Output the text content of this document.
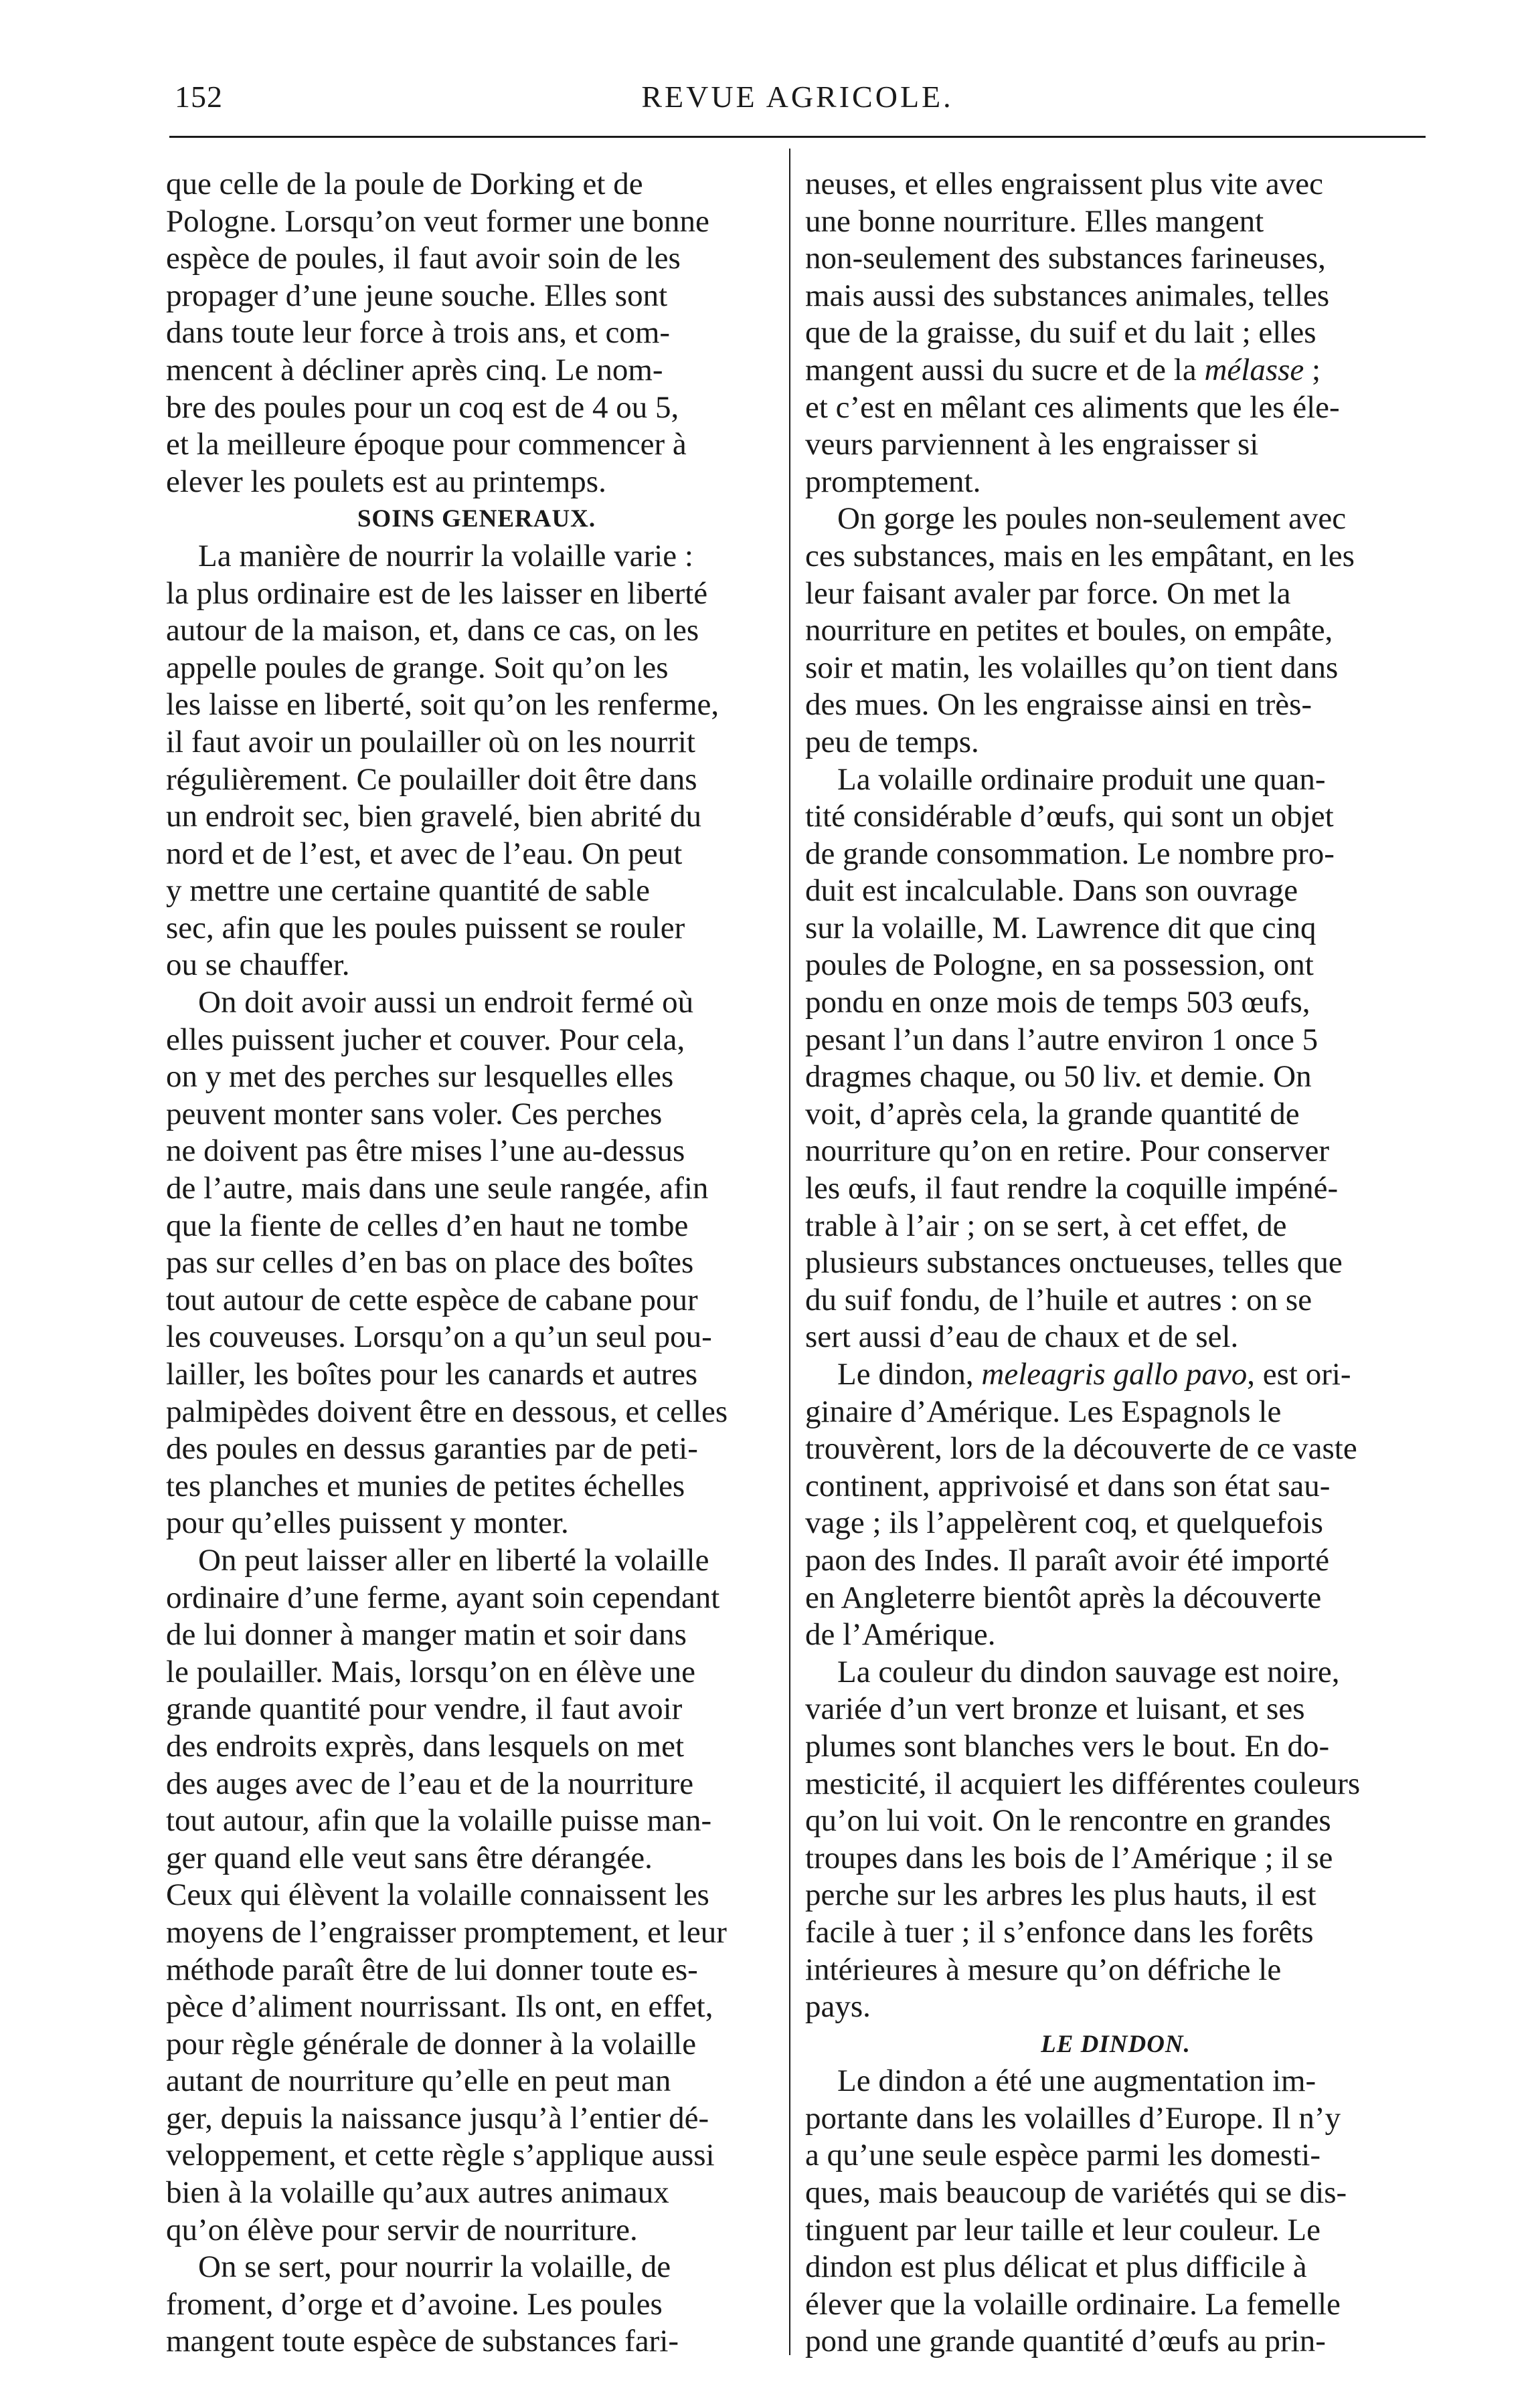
152	REVUE AGRICOLE.
que celle de la poule de Dorking et de
Pologne. Lorsqu’on veut former une bonne
espèce de poules, il faut avoir soin de les
propager d’une jeune souche. Elles sont
dans toute leur force à trois ans, et com-
mencent à décliner après cinq. Le nom-
bre des poules pour un coq est de 4 ou 5,
et la meilleure époque pour commencer à
elever les poulets est au printemps.
SOINS GENERAUX.
La manière de nourrir la volaille varie :
la plus ordinaire est de les laisser en liberté
autour de la maison, et, dans ce cas, on les
appelle poules de grange. Soit qu’on les
les laisse en liberté, soit qu’on les renferme,
il faut avoir un poulailler où on les nourrit
régulièrement. Ce poulailler doit être dans
un endroit sec, bien gravelé, bien abrité du
nord et de l’est, et avec de l’eau. On peut
y mettre une certaine quantité de sable
sec, afin que les poules puissent se rouler
ou se chauffer.
On doit avoir aussi un endroit fermé où
elles puissent jucher et couver. Pour cela,
on y met des perches sur lesquelles elles
peuvent monter sans voler. Ces perches
ne doivent pas être mises l’une au-dessus
de l’autre, mais dans une seule rangée, afin
que la fiente de celles d’en haut ne tombe
pas sur celles d’en bas on place des boîtes
tout autour de cette espèce de cabane pour
les couveuses. Lorsqu’on a qu’un seul pou-
lailler, les boîtes pour les canards et autres
palmipèdes doivent être en dessous, et celles
des poules en dessus garanties par de peti-
tes planches et munies de petites échelles
pour qu’elles puissent y monter.
On peut laisser aller en liberté la volaille
ordinaire d’une ferme, ayant soin cependant
de lui donner à manger matin et soir dans
le poulailler. Mais, lorsqu’on en élève une
grande quantité pour vendre, il faut avoir
des endroits exprès, dans lesquels on met
des auges avec de l’eau et de la nourriture
tout autour, afin que la volaille puisse man-
ger quand elle veut sans être dérangée.
Ceux qui élèvent la volaille connaissent les
moyens de l’engraisser promptement, et leur
méthode paraît être de lui donner toute es-
pèce d’aliment nourrissant. Ils ont, en effet,
pour règle générale de donner à la volaille
autant de nourriture qu’elle en peut man
ger, depuis la naissance jusqu’à l’entier dé-
veloppement, et cette règle s’applique aussi
bien à la volaille qu’aux autres animaux
qu’on élève pour servir de nourriture.
On se sert, pour nourrir la volaille, de
froment, d’orge et d’avoine. Les poules
mangent toute espèce de substances fari-
neuses, et elles engraissent plus vite avec
une bonne nourriture. Elles mangent
non-seulement des substances farineuses,
mais aussi des substances animales, telles
que de la graisse, du suif et du lait ; elles
mangent aussi du sucre et de la mélasse ;
et c’est en mêlant ces aliments que les éle-
veurs parviennent à les engraisser si
promptement.
On gorge les poules non-seulement avec
ces substances, mais en les empâtant, en les
leur faisant avaler par force. On met la
nourriture en petites et boules, on empâte,
soir et matin, les volailles qu’on tient dans
des mues. On les engraisse ainsi en très-
peu de temps.
La volaille ordinaire produit une quan-
tité considérable d’œufs, qui sont un objet
de grande consommation. Le nombre pro-
duit est incalculable. Dans son ouvrage
sur la volaille, M. Lawrence dit que cinq
poules de Pologne, en sa possession, ont
pondu en onze mois de temps 503 œufs,
pesant l’un dans l’autre environ 1 once 5
dragmes chaque, ou 50 liv. et demie. On
voit, d’après cela, la grande quantité de
nourriture qu’on en retire. Pour conserver
les œufs, il faut rendre la coquille impéné-
trable à l’air ; on se sert, à cet effet, de
plusieurs substances onctueuses, telles que
du suif fondu, de l’huile et autres : on se
sert aussi d’eau de chaux et de sel.
Le dindon, meleagris gallo pavo, est ori-
ginaire d’Amérique. Les Espagnols le
trouvèrent, lors de la découverte de ce vaste
continent, apprivoisé et dans son état sau-
vage ; ils l’appelèrent coq, et quelquefois
paon des Indes. Il paraît avoir été importé
en Angleterre bientôt après la découverte
de l’Amérique.
La couleur du dindon sauvage est noire,
variée d’un vert bronze et luisant, et ses
plumes sont blanches vers le bout. En do-
mesticité, il acquiert les différentes couleurs
qu’on lui voit. On le rencontre en grandes
troupes dans les bois de l’Amérique ; il se
perche sur les arbres les plus hauts, il est
facile à tuer ; il s’enfonce dans les forêts
intérieures à mesure qu’on défriche le
pays.
LE DINDON.
Le dindon a été une augmentation im-
portante dans les volailles d’Europe. Il n’y
a qu’une seule espèce parmi les domesti-
ques, mais beaucoup de variétés qui se dis-
tinguent par leur taille et leur couleur. Le
dindon est plus délicat et plus difficile à
élever que la volaille ordinaire. La femelle
pond une grande quantité d’œufs au prin-
